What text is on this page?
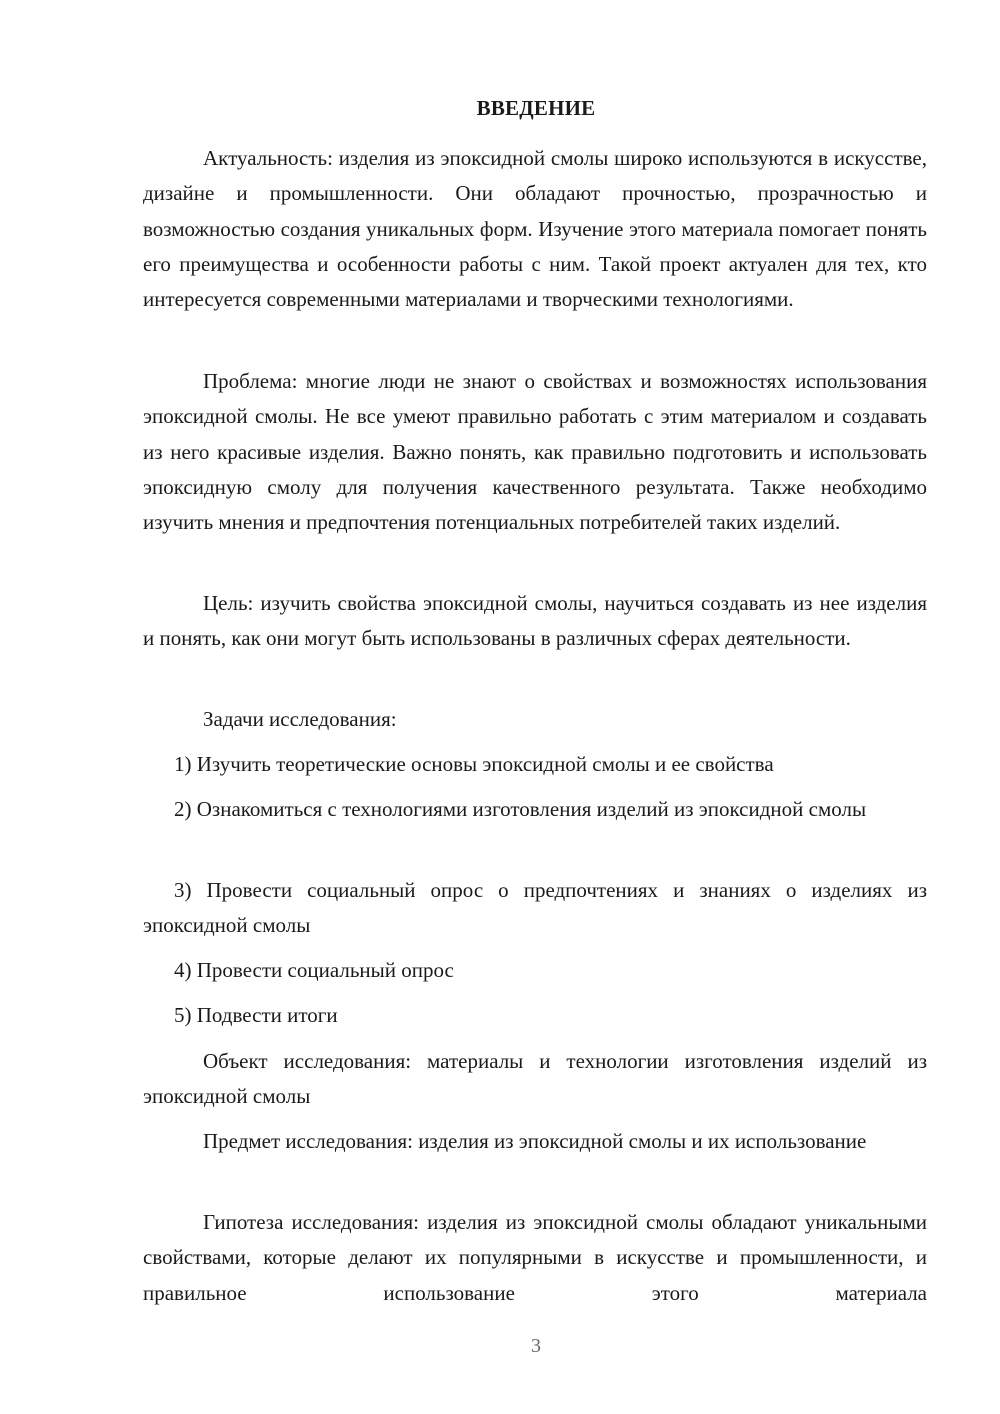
ВВЕДЕНИЕ

Актуальность: изделия из эпоксидной смолы широко используются в искусстве, дизайне и промышленности. Они обладают прочностью, прозрачностью и возможностью создания уникальных форм. Изучение этого материала помогает понять его преимущества и особенности работы с ним. Такой проект актуален для тех, кто интересуется современными материалами и творческими технологиями.

Проблема: многие люди не знают о свойствах и возможностях использования эпоксидной смолы. Не все умеют правильно работать с этим материалом и создавать из него красивые изделия. Важно понять, как правильно подготовить и использовать эпоксидную смолу для получения качественного результата. Также необходимо изучить мнения и предпочтения потенциальных потребителей таких изделий.

Цель: изучить свойства эпоксидной смолы, научиться создавать из нее изделия и понять, как они могут быть использованы в различных сферах деятельности.

Задачи исследования:

1) Изучить теоретические основы эпоксидной смолы и ее свойства

2) Ознакомиться с технологиями изготовления изделий из эпоксидной смолы

3) Провести социальный опрос о предпочтениях и знаниях о изделиях из эпоксидной смолы

4) Провести социальный опрос

5) Подвести итоги

Объект исследования: материалы и технологии изготовления изделий из эпоксидной смолы

Предмет исследования: изделия из эпоксидной смолы и их использование

Гипотеза исследования: изделия из эпоксидной смолы обладают уникальными свойствами, которые делают их популярными в искусстве и промышленности, и правильное использование этого материала

3
